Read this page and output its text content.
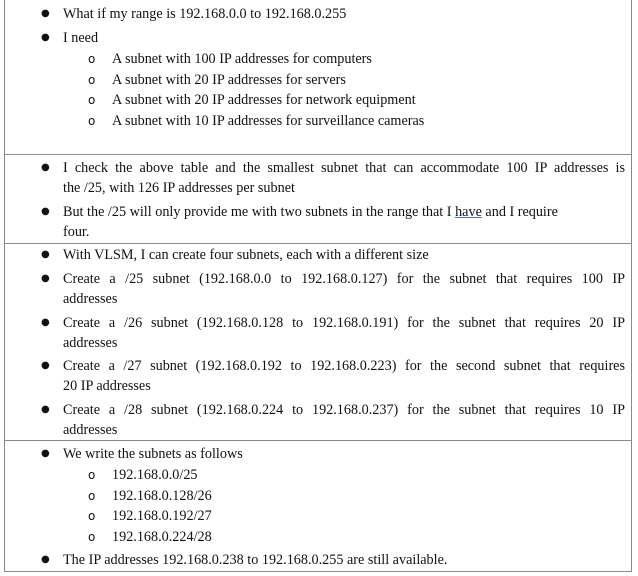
● What if my range is 192.168.0.0 to 192.168.0.255
● I need
o A subnet with 100 IP addresses for computers
o A subnet with 20 IP addresses for servers
o A subnet with 20 IP addresses for network equipment
o A subnet with 10 IP addresses for surveillance cameras
● I check the above table and the smallest subnet that can accommodate 100 IP addresses is
the /25, with 126 IP addresses per subnet
● But the /25 will only provide me with two subnets in the range that I have and I require
four.
● With VLSM, I can create four subnets, each with a different size
● Create a /25 subnet (192.168.0.0 to 192.168.0.127) for the subnet that requires 100 IP
addresses
● Create a /26 subnet (192.168.0.128 to 192.168.0.191) for the subnet that requires 20 IP
addresses
● Create a /27 subnet (192.168.0.192 to 192.168.0.223) for the second subnet that requires
20 IP addresses
● Create a /28 subnet (192.168.0.224 to 192.168.0.237) for the subnet that requires 10 IP
addresses
● We write the subnets as follows
o 192.168.0.0/25
o 192.168.0.128/26
o 192.168.0.192/27
o 192.168.0.224/28
● The IP addresses 192.168.0.238 to 192.168.0.255 are still available.
